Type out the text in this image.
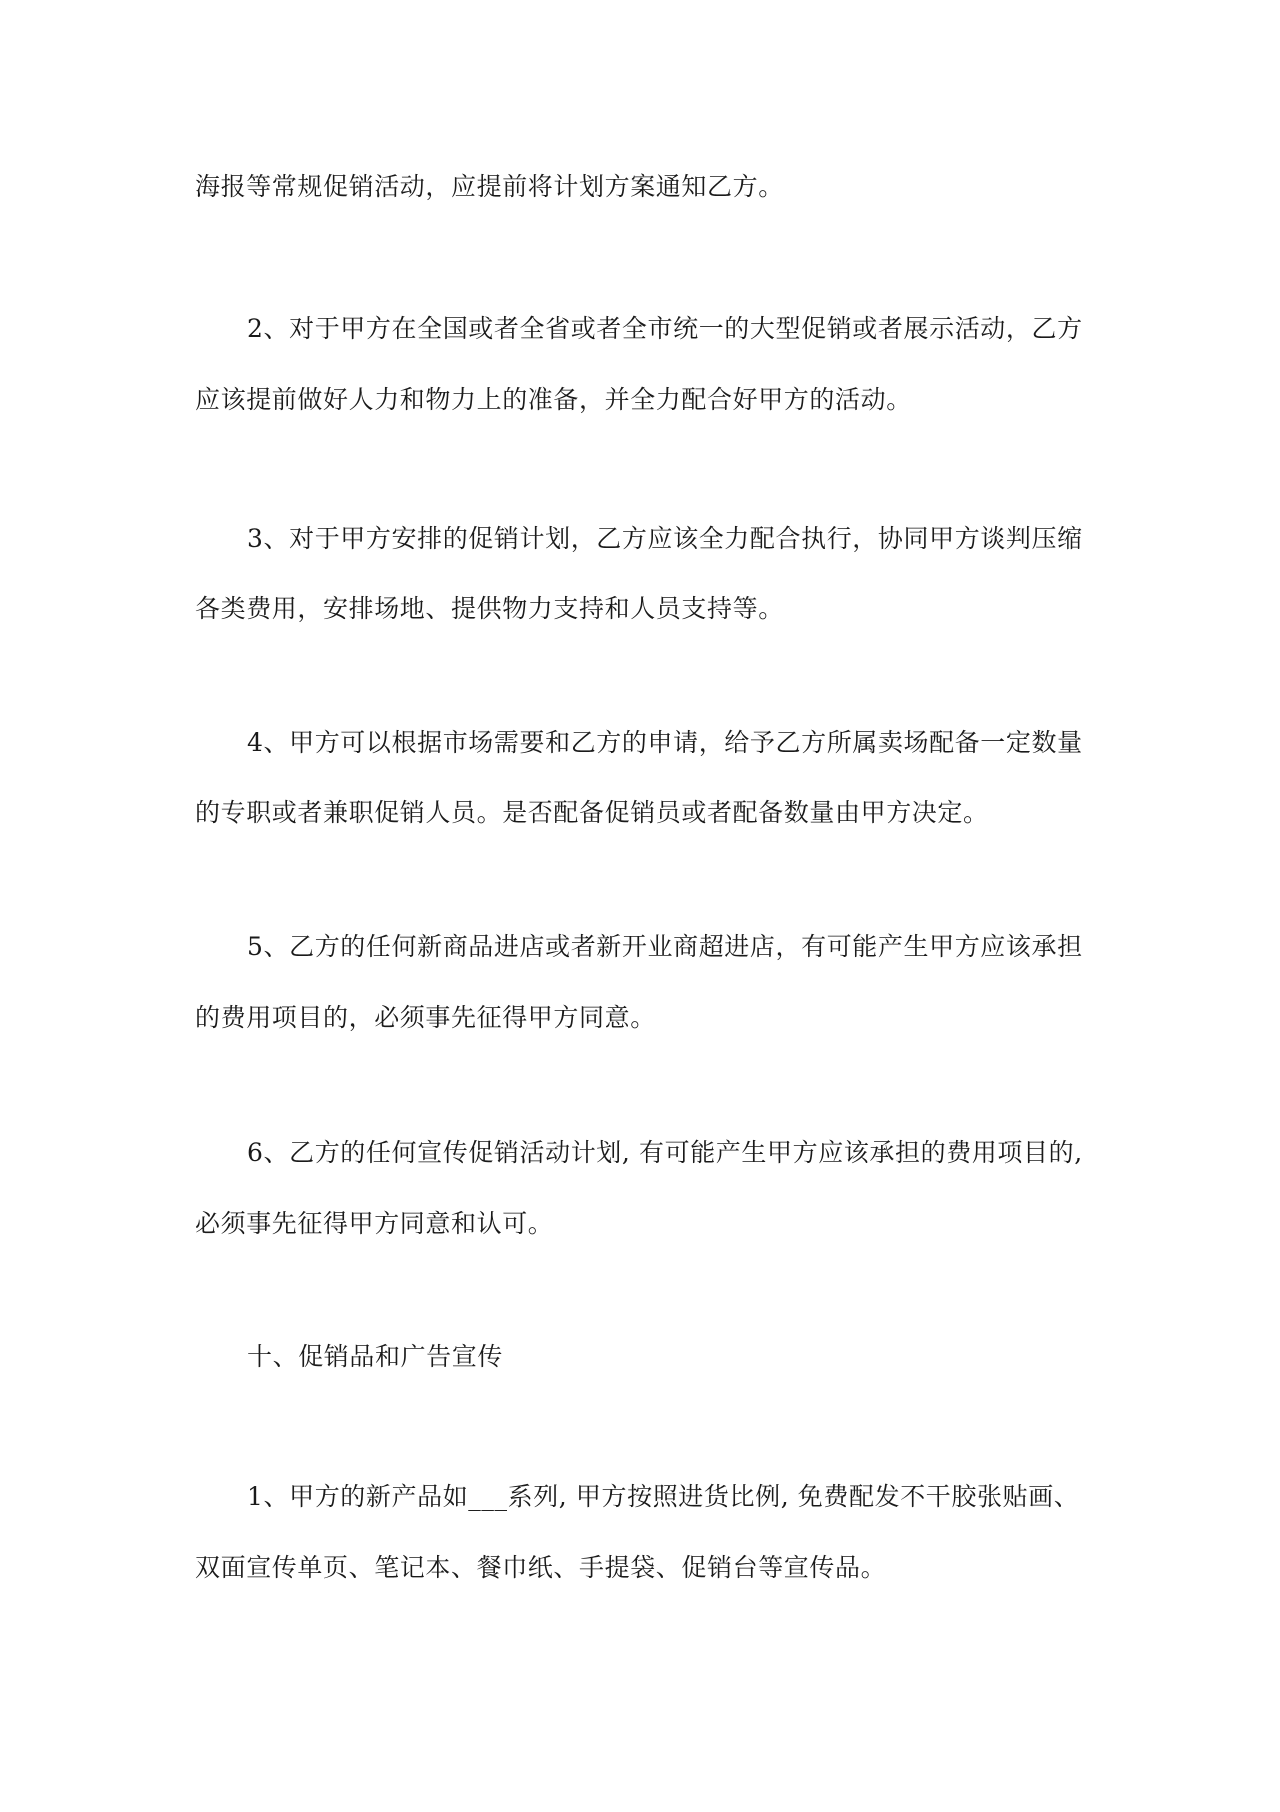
海报等常规促销活动，应提前将计划方案通知乙方。
2、对于甲方在全国或者全省或者全市统一的大型促销或者展示活动，乙方
应该提前做好人力和物力上的准备，并全力配合好甲方的活动。
3、对于甲方安排的促销计划，乙方应该全力配合执行，协同甲方谈判压缩
各类费用，安排场地、提供物力支持和人员支持等。
4、甲方可以根据市场需要和乙方的申请，给予乙方所属卖场配备一定数量
的专职或者兼职促销人员。是否配备促销员或者配备数量由甲方决定。
5、乙方的任何新商品进店或者新开业商超进店，有可能产生甲方应该承担
的费用项目的，必须事先征得甲方同意。
6、乙方的任何宣传促销活动计划, 有可能产生甲方应该承担的费用项目的,
必须事先征得甲方同意和认可。
十、促销品和广告宣传
1、甲方的新产品如___系列, 甲方按照进货比例, 免费配发不干胶张贴画、
双面宣传单页、笔记本、餐巾纸、手提袋、促销台等宣传品。
